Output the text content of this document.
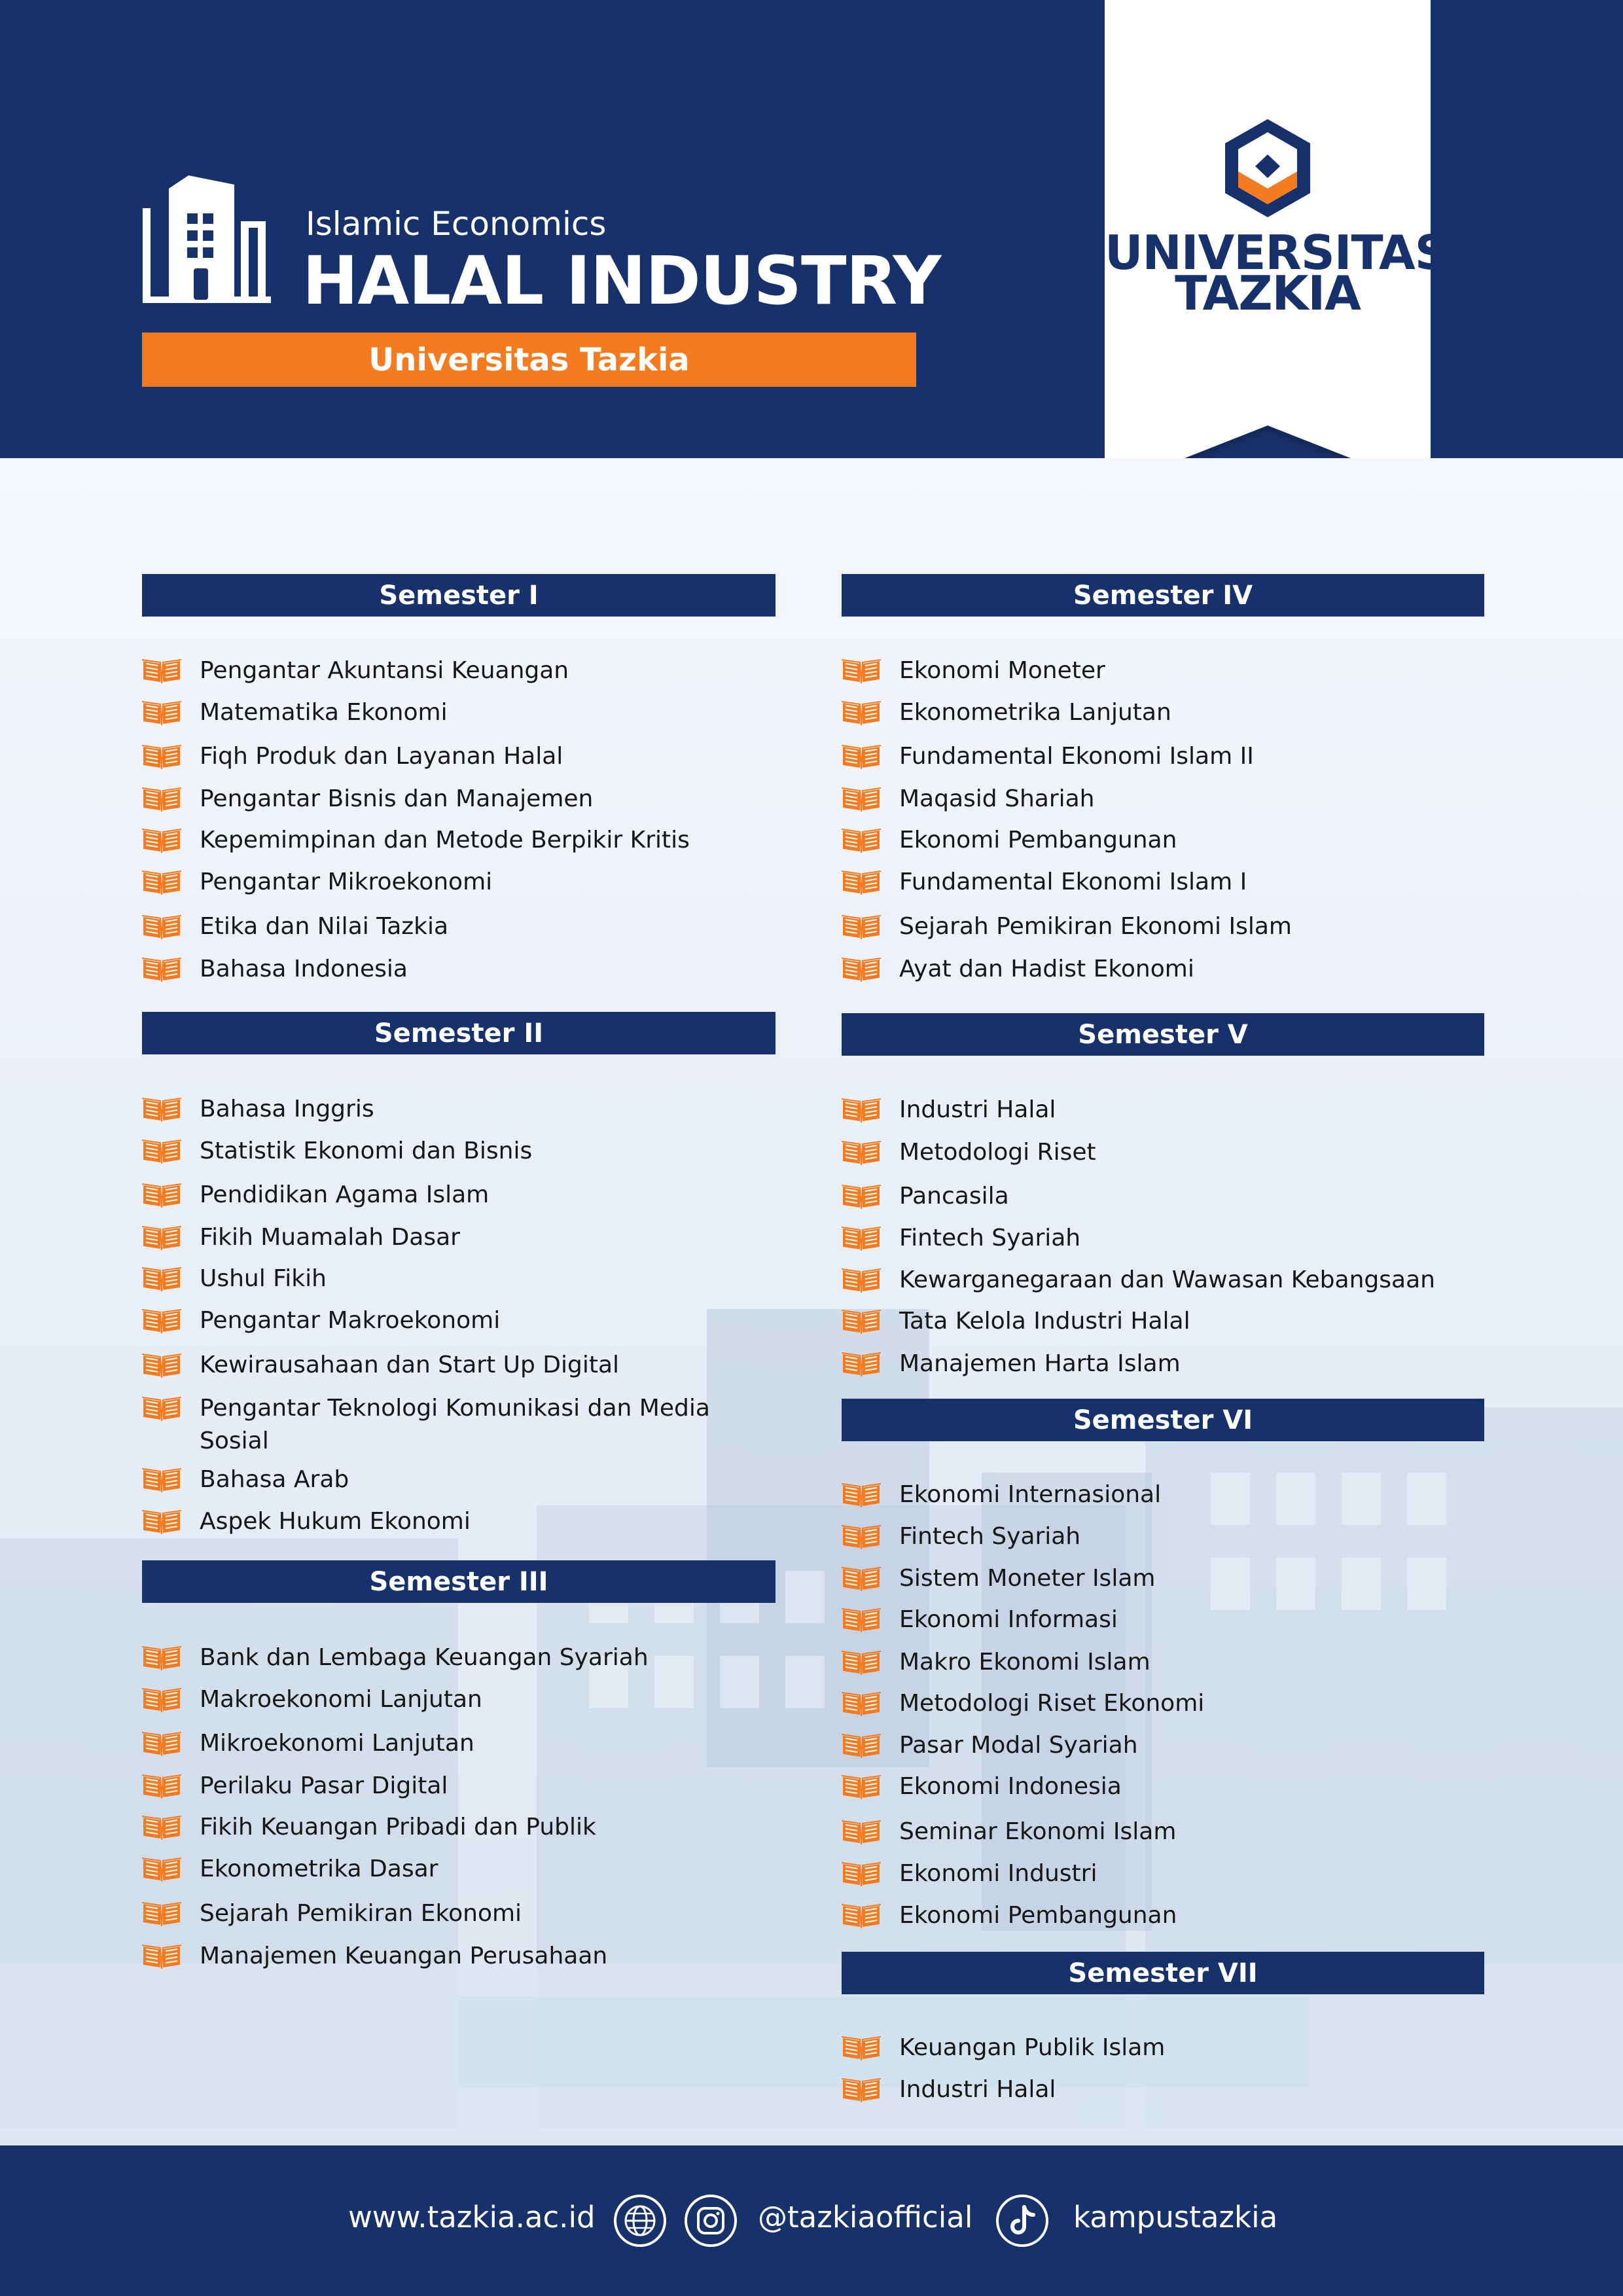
Islamic Economics
HALAL INDUSTRY
Universitas Tazkia
UNIVERSITAS
TAZKIA
Semester I
Pengantar Akuntansi Keuangan
Matematika Ekonomi
Fiqh Produk dan Layanan Halal
Pengantar Bisnis dan Manajemen
Kepemimpinan dan Metode Berpikir Kritis
Pengantar Mikroekonomi
Etika dan Nilai Tazkia
Bahasa Indonesia
Semester II
Bahasa Inggris
Statistik Ekonomi dan Bisnis
Pendidikan Agama Islam
Fikih Muamalah Dasar
Ushul Fikih
Pengantar Makroekonomi
Kewirausahaan dan Start Up Digital
Pengantar Teknologi Komunikasi dan Media Sosial
Bahasa Arab
Aspek Hukum Ekonomi
Semester III
Bank dan Lembaga Keuangan Syariah
Makroekonomi Lanjutan
Mikroekonomi Lanjutan
Perilaku Pasar Digital
Fikih Keuangan Pribadi dan Publik
Ekonometrika Dasar
Sejarah Pemikiran Ekonomi
Manajemen Keuangan Perusahaan
Semester IV
Ekonomi Moneter
Ekonometrika Lanjutan
Fundamental Ekonomi Islam II
Maqasid Shariah
Ekonomi Pembangunan
Fundamental Ekonomi Islam I
Sejarah Pemikiran Ekonomi Islam
Ayat dan Hadist Ekonomi
Semester V
Industri Halal
Metodologi Riset
Pancasila
Fintech Syariah
Kewarganegaraan dan Wawasan Kebangsaan
Tata Kelola Industri Halal
Manajemen Harta Islam
Semester VI
Ekonomi Internasional
Fintech Syariah
Sistem Moneter Islam
Ekonomi Informasi
Makro Ekonomi Islam
Metodologi Riset Ekonomi
Pasar Modal Syariah
Ekonomi Indonesia
Seminar Ekonomi Islam
Ekonomi Industri
Ekonomi Pembangunan
Semester VII
Keuangan Publik Islam
Industri Halal
www.tazkia.ac.id	@tazkiaofficial	kampustazkia
